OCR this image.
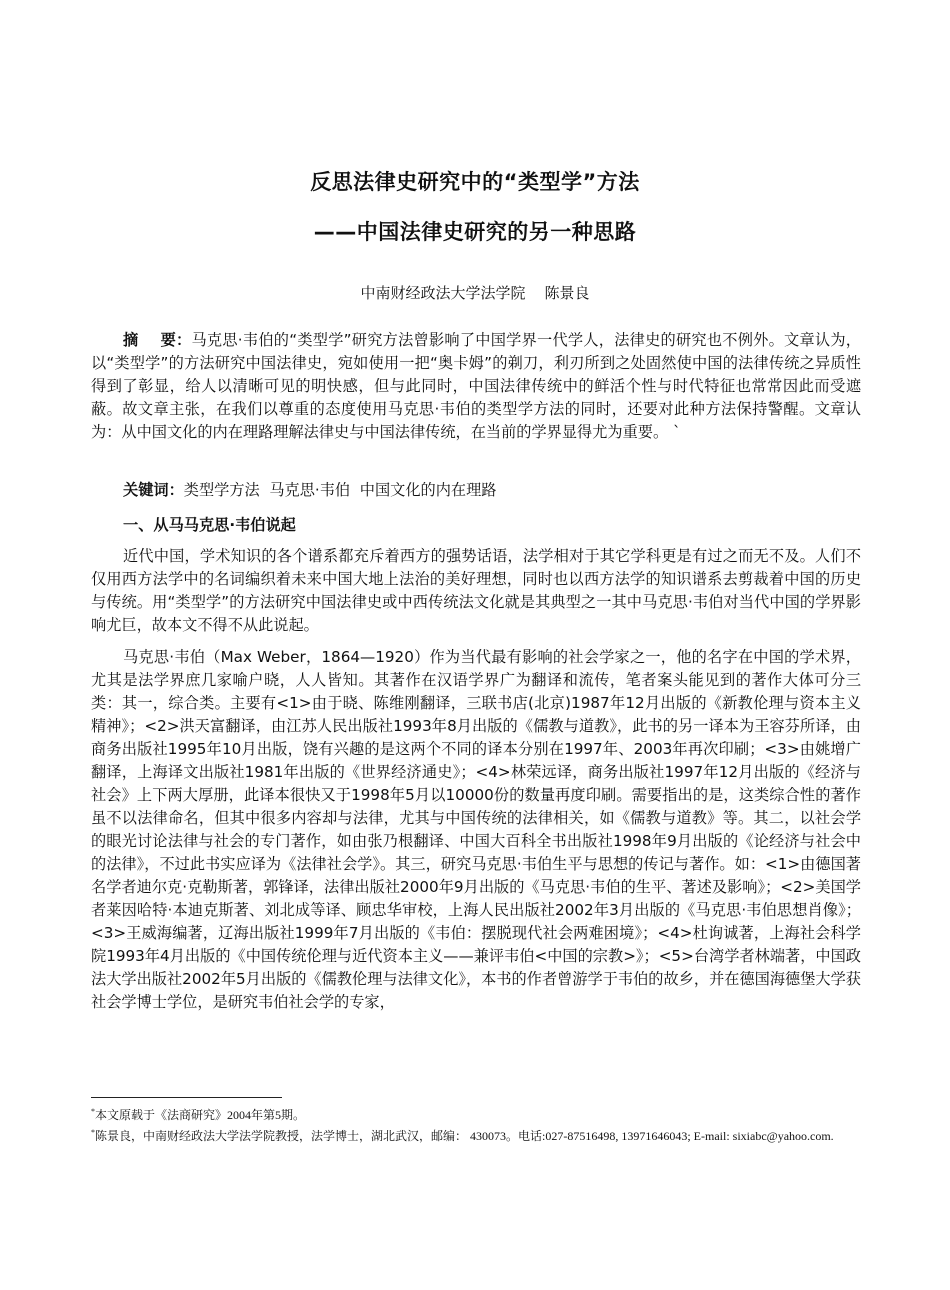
反思法律史研究中的“类型学”方法
——中国法律史研究的另一种思路
中南财经政法大学法学院    陈景良
摘    要：马克思·韦伯的“类型学”研究方法曾影响了中国学界一代学人，法律史的研究也不例外。文章认为，以“类型学”的方法研究中国法律史，宛如使用一把“奥卡姆”的剃刀，利刃所到之处固然使中国的法律传统之异质性得到了彰显，给人以清晰可见的明快感，但与此同时，中国法律传统中的鲜活个性与时代特征也常常因此而受遮蔽。故文章主张，在我们以尊重的态度使用马克思·韦伯的类型学方法的同时，还要对此种方法保持警醒。文章认为：从中国文化的内在理路理解法律史与中国法律传统，在当前的学界显得尤为重要。 `
关键词：类型学方法  马克思·韦伯  中国文化的内在理路
一、从马马克思·韦伯说起
近代中国，学术知识的各个谱系都充斥着西方的强势话语，法学相对于其它学科更是有过之而无不及。人们不仅用西方法学中的名词编织着未来中国大地上法治的美好理想，同时也以西方法学的知识谱系去剪裁着中国的历史与传统。用“类型学”的方法研究中国法律史或中西传统法文化就是其典型之一其中马克思·韦伯对当代中国的学界影响尤巨，故本文不得不从此说起。
马克思·韦伯（Max Weber，1864—1920）作为当代最有影响的社会学家之一，他的名字在中国的学术界，尤其是法学界庶几家喻户晓，人人皆知。其著作在汉语学界广为翻译和流传，笔者案头能见到的著作大体可分三类：其一，综合类。主要有<1>由于晓、陈维刚翻译，三联书店(北京)1987年12月出版的《新教伦理与资本主义精神》；<2>洪天富翻译，由江苏人民出版社1993年8月出版的《儒教与道教》，此书的另一译本为王容芬所译，由商务出版社1995年10月出版，饶有兴趣的是这两个不同的译本分别在1997年、2003年再次印刷；<3>由姚增广翻译，上海译文出版社1981年出版的《世界经济通史》；<4>林荣远译，商务出版社1997年12月出版的《经济与社会》上下两大厚册，此译本很快又于1998年5月以10000份的数量再度印刷。需要指出的是，这类综合性的著作虽不以法律命名，但其中很多内容却与法律，尤其与中国传统的法律相关，如《儒教与道教》等。其二，以社会学的眼光讨论法律与社会的专门著作，如由张乃根翻译、中国大百科全书出版社1998年9月出版的《论经济与社会中的法律》，不过此书实应译为《法律社会学》。其三，研究马克思·韦伯生平与思想的传记与著作。如：<1>由德国著名学者迪尔克·克勒斯著，郭锋译，法律出版社2000年9月出版的《马克思·韦伯的生平、著述及影响》；<2>美国学者莱因哈特·本迪克斯著、刘北成等译、顾忠华审校，上海人民出版社2002年3月出版的《马克思·韦伯思想肖像》；<3>王威海编著，辽海出版社1999年7月出版的《韦伯：摆脱现代社会两难困境》；<4>杜询诚著，上海社会科学院1993年4月出版的《中国传统伦理与近代资本主义——兼评韦伯<中国的宗教>》；<5>台湾学者林端著，中国政法大学出版社2002年5月出版的《儒教伦理与法律文化》，本书的作者曾游学于韦伯的故乡，并在德国海德堡大学获社会学博士学位，是研究韦伯社会学的专家，

*本文原载于《法商研究》2004年第5期。

*陈景良，中南财经政法大学法学院教授，法学博士，湖北武汉，邮编： 430073。电话:027-87516498, 13971646043; E-mail: sixiabc@yahoo.com.
